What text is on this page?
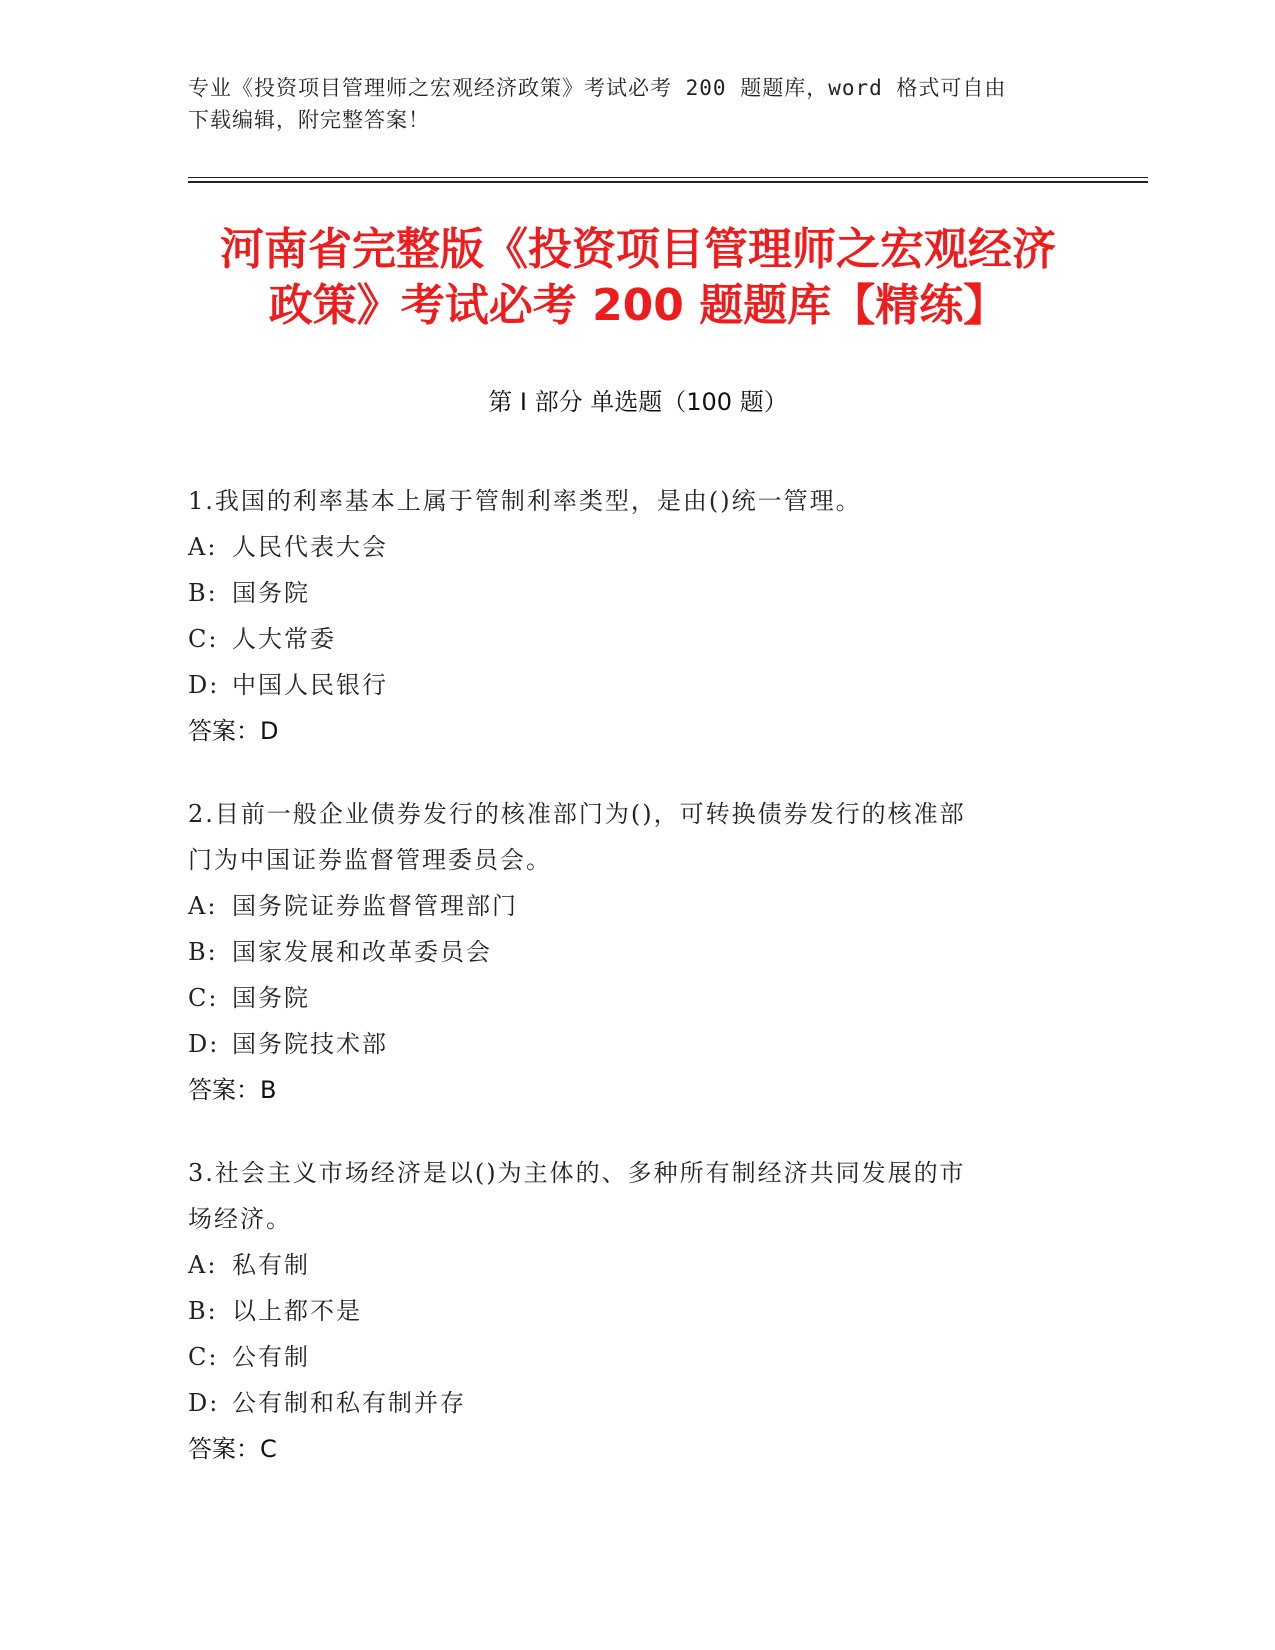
专业《投资项目管理师之宏观经济政策》考试必考 200 题题库，word 格式可自由
下载编辑，附完整答案！
河南省完整版《投资项目管理师之宏观经济
政策》考试必考 200 题题库【精练】
第 I 部分 单选题（100 题）
1.我国的利率基本上属于管制利率类型，是由()统一管理。
A: 人民代表大会
B: 国务院
C: 人大常委
D: 中国人民银行
答案：D
2.目前一般企业债券发行的核准部门为()，可转换债券发行的核准部
门为中国证券监督管理委员会。
A: 国务院证券监督管理部门
B: 国家发展和改革委员会
C: 国务院
D: 国务院技术部
答案：B
3.社会主义市场经济是以()为主体的、多种所有制经济共同发展的市
场经济。
A: 私有制
B: 以上都不是
C: 公有制
D: 公有制和私有制并存
答案：C
